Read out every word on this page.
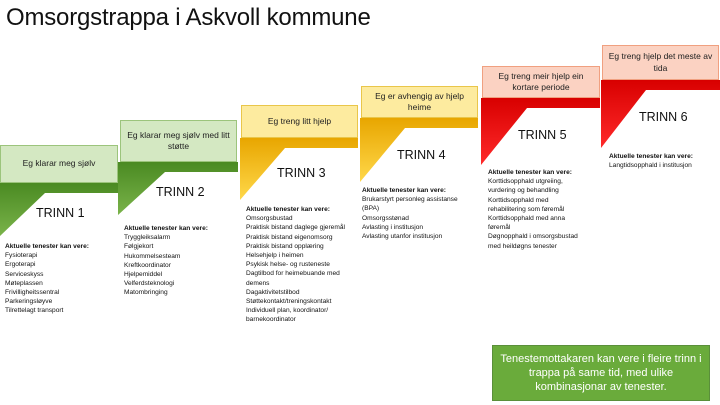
Omsorgstrappa i Askvoll kommune
Eg klarar meg sjølv
Eg klarar meg sjølv med litt støtte
Eg treng litt hjelp
Eg er avhengig av hjelp heime
Eg treng meir hjelp ein kortare periode
Eg treng hjelp det meste av tida
TRINN 1
TRINN 2
TRINN 3
TRINN 4
TRINN 5
TRINN 6
Aktuelle tenester kan vere:
Fysioterapi
Ergoterapi
Serviceskyss
Møteplassen
Frivilligheitssentral
Parkeringsløyve
Tilrettelagt transport
Aktuelle tenester kan vere:
Tryggleiksalarm
Følgjekort
Hukommelsesteam
Kreftkoordinator
Hjelpemiddel
Velferdsteknologi
Matombringing
Aktuelle tenester kan vere:
Omsorgsbustad
Praktisk bistand daglege gjeremål
Praktisk bistand eigenomsorg
Praktisk bistand opplæring
Helsehjelp i heimen
Psykisk helse- og rusteneste
Dagtilbod for heimebuande med
demens
Dagaktivitetstilbod
Støttekontakt/treningskontakt
Individuell plan, koordinator/
barnekoordinator
Aktuelle tenester kan vere:
Brukarstyrt personleg assistanse
(BPA)
Omsorgsstønad
Avlasting i institusjon
Avlasting utanfor institusjon
Aktuelle tenester kan vere:
Korttidsopphald utgreiing,
vurdering og behandling
Korttidsopphald med
rehabilitering som føremål
Korttidsopphald med anna
føremål
Døgnopphald i omsorgsbustad
med heildøgns tenester
Aktuelle tenester kan vere:
Langtidsopphald i institusjon
Tenestemottakaren kan vere i fleire trinn i trappa på same tid, med ulike kombinasjonar av tenester.
